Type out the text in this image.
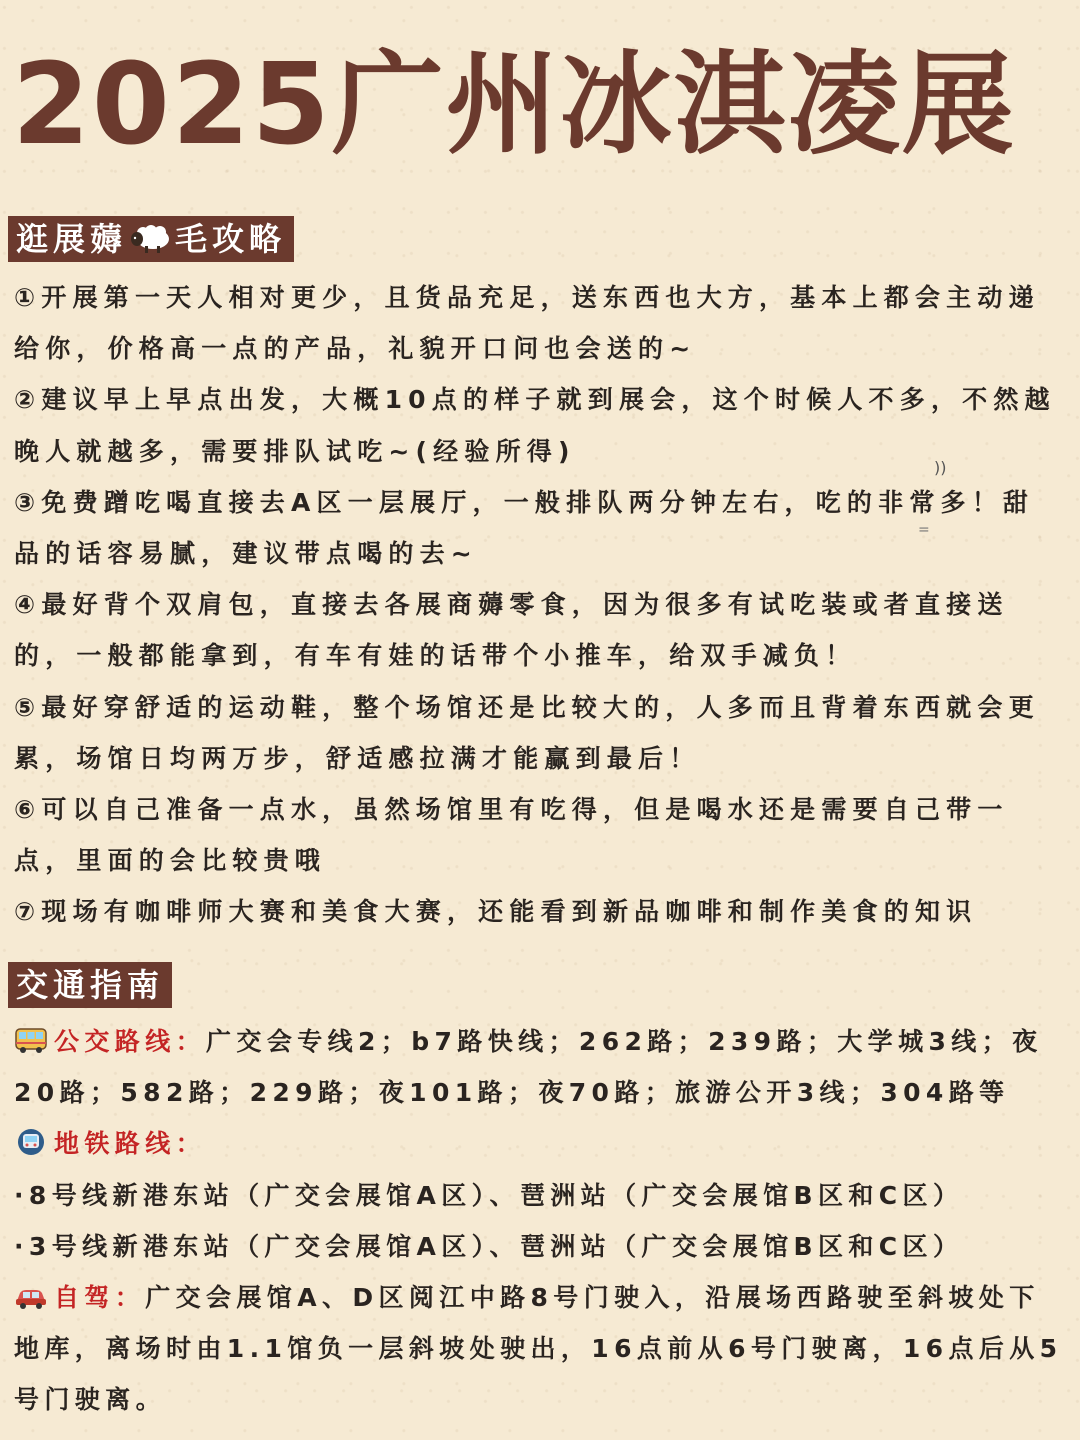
2025广州冰淇凌展
逛展薅 毛攻略

①开展第一天人相对更少，且货品充足，送东西也大方，基本上都会主动递给你，价格高一点的产品，礼貌开口问也会送的~

②建议早上早点出发，大概10点的样子就到展会，这个时候人不多，不然越晚人就越多，需要排队试吃~(经验所得)

③免费蹭吃喝直接去A区一层展厅，一般排队两分钟左右，吃的非常多！甜品的话容易腻，建议带点喝的去~

④最好背个双肩包，直接去各展商薅零食，因为很多有试吃装或者直接送的，一般都能拿到，有车有娃的话带个小推车，给双手减负！

⑤最好穿舒适的运动鞋，整个场馆还是比较大的，人多而且背着东西就会更累，场馆日均两万步，舒适感拉满才能赢到最后！

⑥可以自己准备一点水，虽然场馆里有吃得，但是喝水还是需要自己带一点，里面的会比较贵哦

⑦现场有咖啡师大赛和美食大赛，还能看到新品咖啡和制作美食的知识

))
=
交通指南

公交路线：广交会专线2；b7路快线；262路；239路；大学城3线；夜20路；582路；229路；夜101路；夜70路；旅游公开3线；304路等

地铁路线：

·8号线新港东站（广交会展馆A区）、琶洲站（广交会展馆B区和C区）

·3号线新港东站（广交会展馆A区）、琶洲站（广交会展馆B区和C区）

自驾：广交会展馆A、D区阅江中路8号门驶入，沿展场西路驶至斜坡处下地库，离场时由1.1馆负一层斜坡处驶出，16点前从6号门驶离，16点后从5号门驶离。
